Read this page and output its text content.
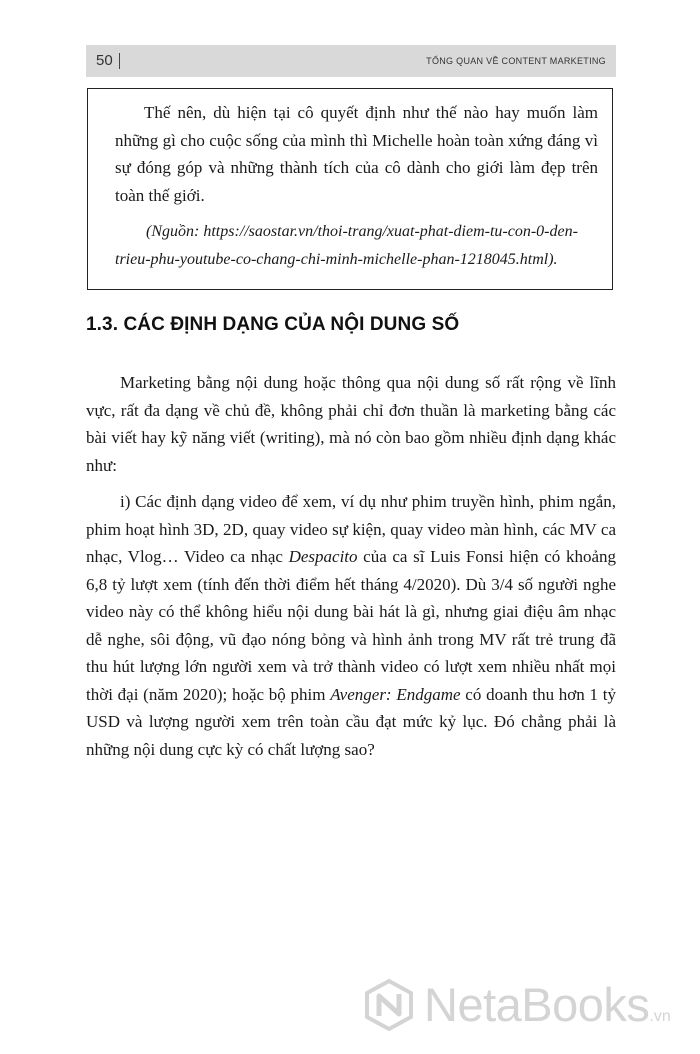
50	TỔNG QUAN VỀ CONTENT MARKETING

Thế nên, dù hiện tại cô quyết định như thế nào hay muốn làm những gì cho cuộc sống của mình thì Michelle hoàn toàn xứng đáng vì sự đóng góp và những thành tích của cô dành cho giới làm đẹp trên toàn thế giới.

(Nguồn: https://saostar.vn/thoi-trang/xuat-phat-diem-tu-con-0-den-trieu-phu-youtube-co-chang-chi-minh-michelle-phan-1218045.html).

1.3. CÁC ĐỊNH DẠNG CỦA NỘI DUNG SỐ

Marketing bằng nội dung hoặc thông qua nội dung số rất rộng về lĩnh vực, rất đa dạng về chủ đề, không phải chỉ đơn thuần là marketing bằng các bài viết hay kỹ năng viết (writing), mà nó còn bao gồm nhiều định dạng khác như:

i) Các định dạng video để xem, ví dụ như phim truyền hình, phim ngắn, phim hoạt hình 3D, 2D, quay video sự kiện, quay video màn hình, các MV ca nhạc, Vlog… Video ca nhạc Despacito của ca sĩ Luis Fonsi hiện có khoảng 6,8 tỷ lượt xem (tính đến thời điểm hết tháng 4/2020). Dù 3/4 số người nghe video này có thể không hiểu nội dung bài hát là gì, nhưng giai điệu âm nhạc dễ nghe, sôi động, vũ đạo nóng bỏng và hình ảnh trong MV rất trẻ trung đã thu hút lượng lớn người xem và trở thành video có lượt xem nhiều nhất mọi thời đại (năm 2020); hoặc bộ phim Avenger: Endgame có doanh thu hơn 1 tỷ USD và lượng người xem trên toàn cầu đạt mức kỷ lục. Đó chẳng phải là những nội dung cực kỳ có chất lượng sao?

NetaBooks.vn
